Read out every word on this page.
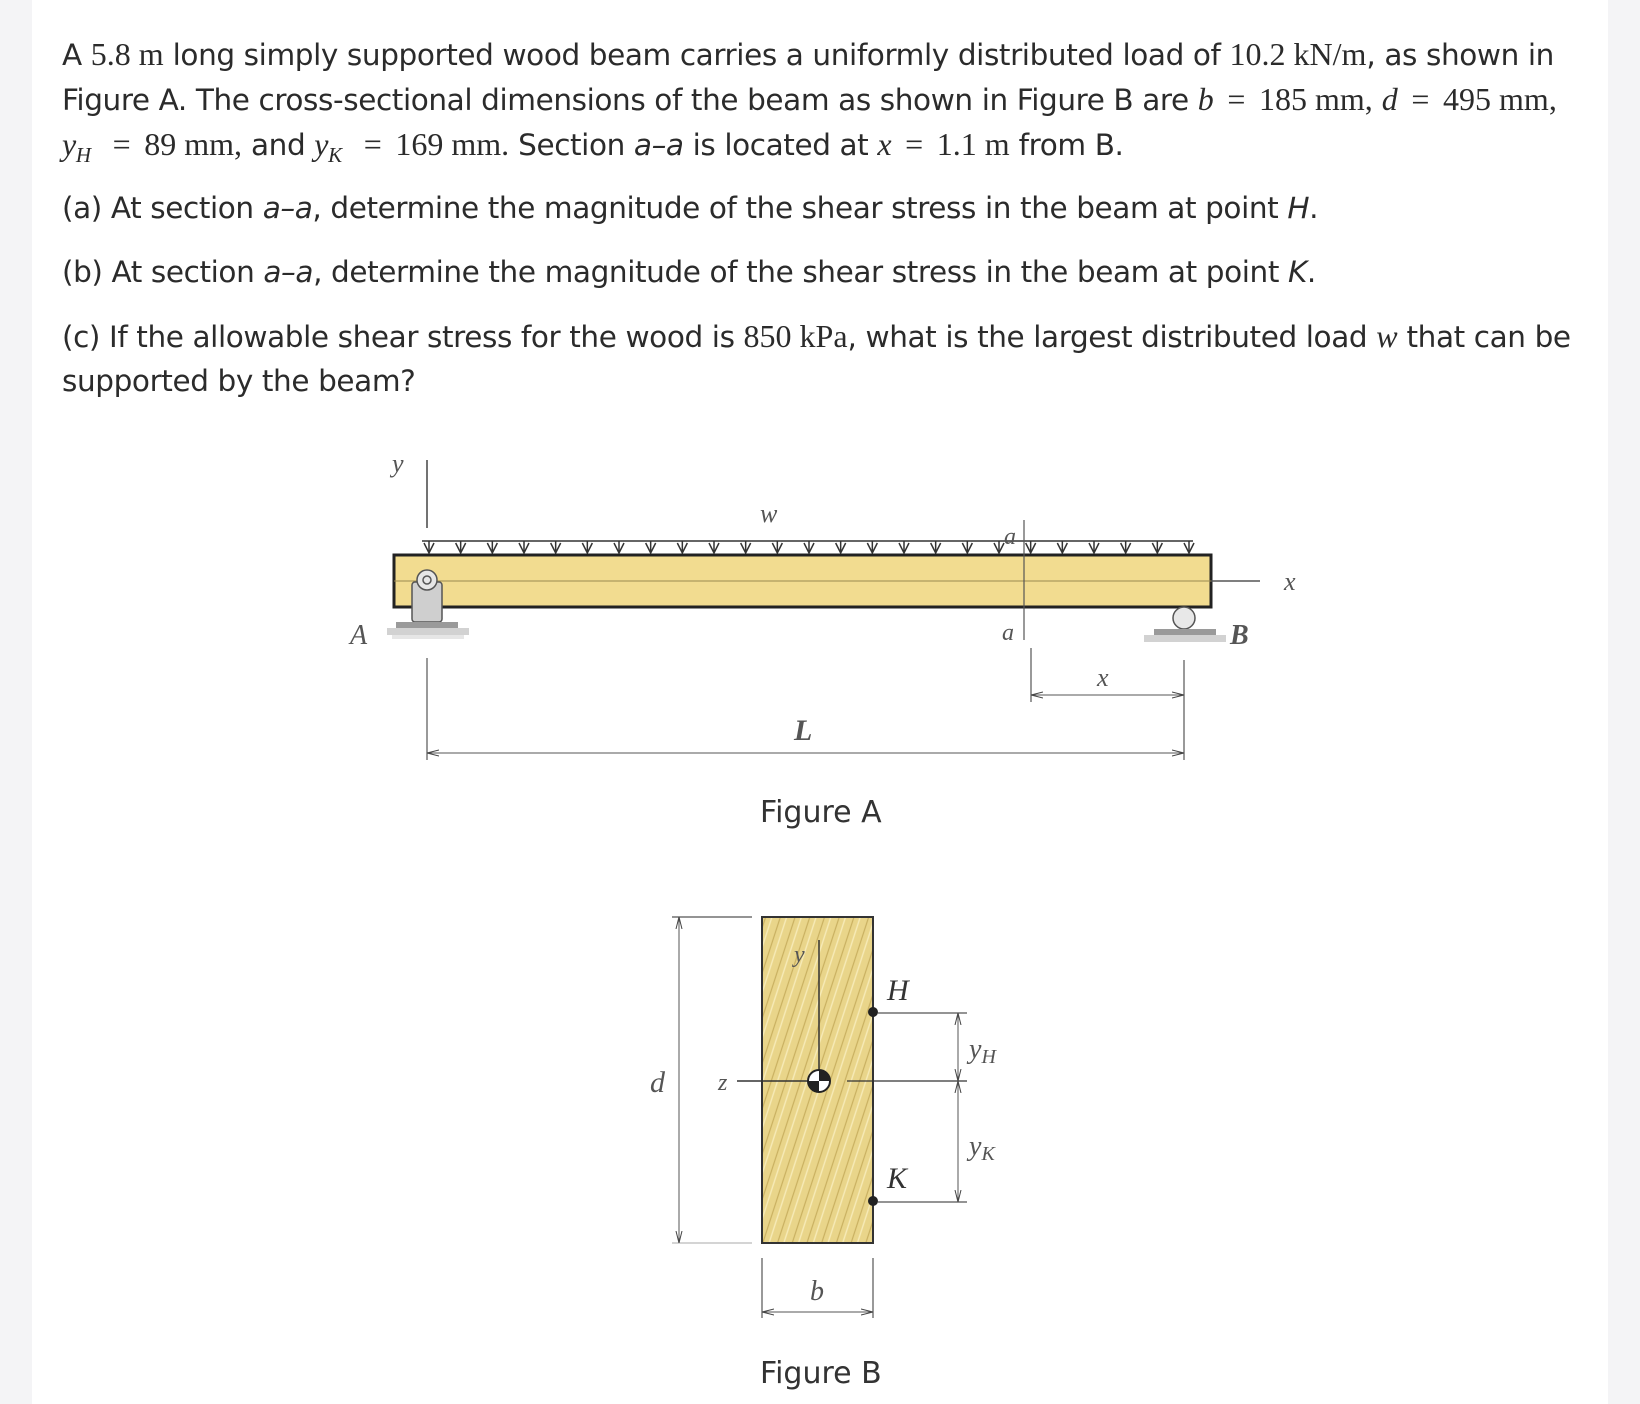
A 5.8 m long simply supported wood beam carries a uniformly distributed load of 10.2 kN/m, as shown in
Figure A. The cross-sectional dimensions of the beam as shown in Figure B are b = 185 mm, d = 495 mm,
$y_H = 89$ mm, and $y_K = 169$ mm. Section a–a is located at x = 1.1 m from B.
(a) At section a–a, determine the magnitude of the shear stress in the beam at point H.
(b) At section a–a, determine the magnitude of the shear stress in the beam at point K.
(c) If the allowable shear stress for the wood is 850 kPa, what is the largest distributed load w that can be
supported by the beam?
y
w
x
a
a
A	B
x
L
Figure A
d
y
z
H
K
yH
yK
b
Figure B
